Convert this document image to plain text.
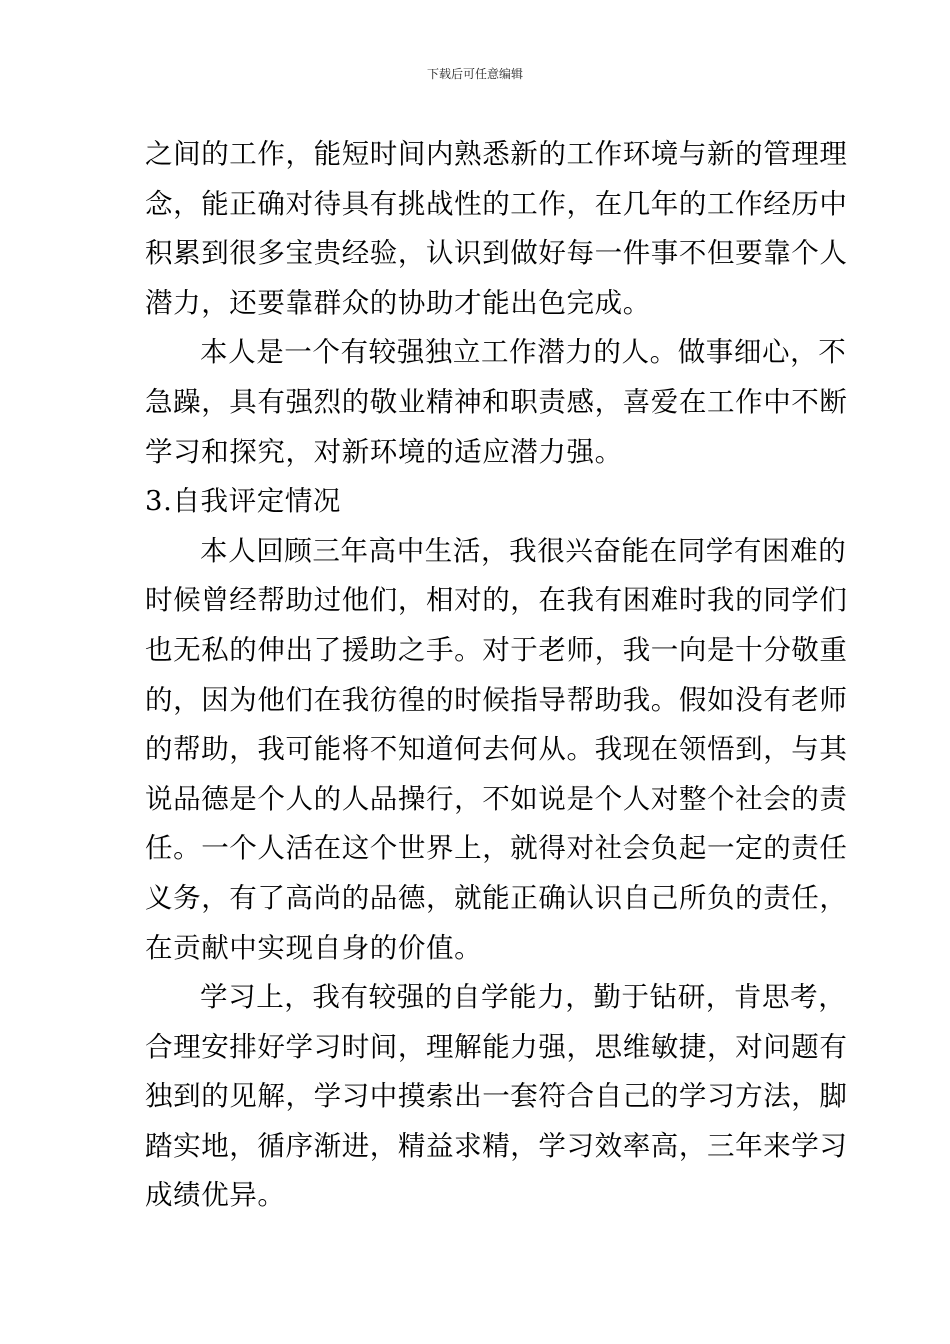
下载后可任意编辑

之间的工作，能短时间内熟悉新的工作环境与新的管理理
念，能正确对待具有挑战性的工作，在几年的工作经历中
积累到很多宝贵经验，认识到做好每一件事不但要靠个人
潜力，还要靠群众的协助才能出色完成。

本人是一个有较强独立工作潜力的人。做事细心，不
急躁，具有强烈的敬业精神和职责感，喜爱在工作中不断
学习和探究，对新环境的适应潜力强。

3.自我评定情况

本人回顾三年高中生活，我很兴奋能在同学有困难的
时候曾经帮助过他们，相对的，在我有困难时我的同学们
也无私的伸出了援助之手。对于老师，我一向是十分敬重
的，因为他们在我彷徨的时候指导帮助我。假如没有老师
的帮助，我可能将不知道何去何从。我现在领悟到，与其
说品德是个人的人品操行，不如说是个人对整个社会的责
任。一个人活在这个世界上，就得对社会负起一定的责任
义务，有了高尚的品德，就能正确认识自己所负的责任，
在贡献中实现自身的价值。

学习上，我有较强的自学能力，勤于钻研，肯思考，
合理安排好学习时间，理解能力强，思维敏捷，对问题有
独到的见解，学习中摸索出一套符合自己的学习方法，脚
踏实地，循序渐进，精益求精，学习效率高，三年来学习
成绩优异。
